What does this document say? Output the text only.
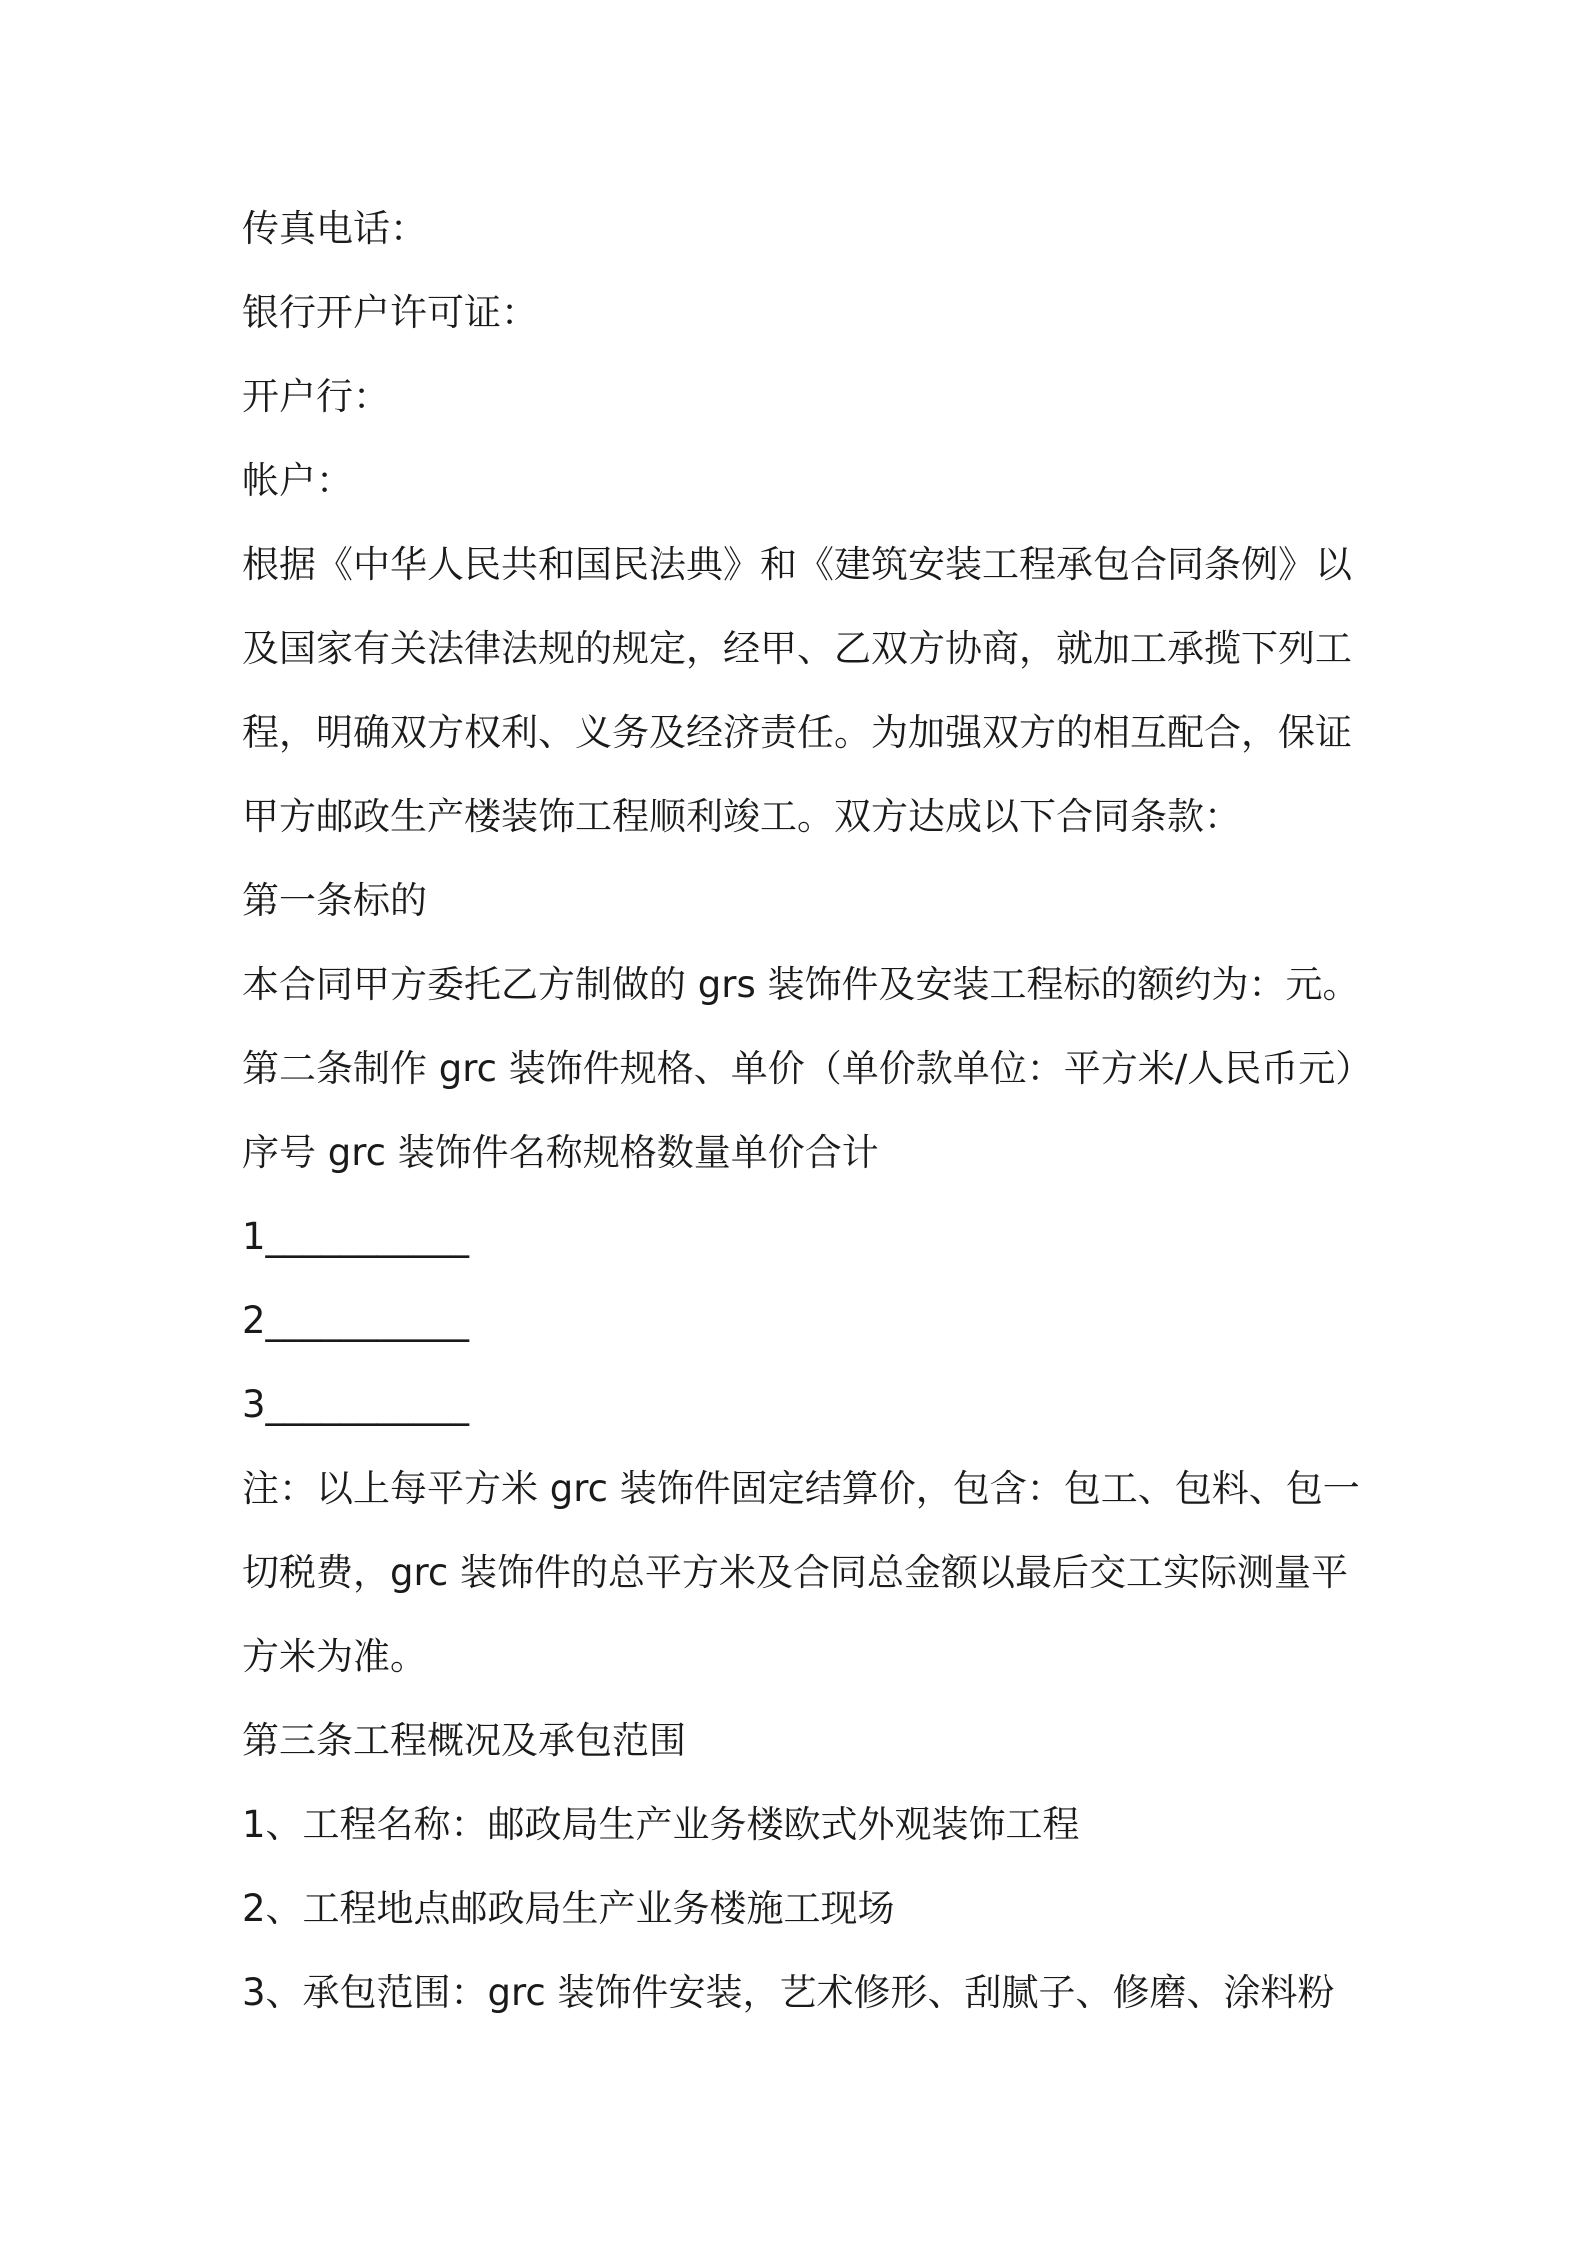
传真电话：
银行开户许可证：
开户行：
帐户：
根据《中华人民共和国民法典》和《建筑安装工程承包合同条例》以
及国家有关法律法规的规定，经甲、乙双方协商，就加工承揽下列工
程，明确双方权利、义务及经济责任。为加强双方的相互配合，保证
甲方邮政生产楼装饰工程顺利竣工。双方达成以下合同条款：
第一条标的
本合同甲方委托乙方制做的 grs 装饰件及安装工程标的额约为：元。
第二条制作 grc 装饰件规格、单价（单价款单位：平方米/人民币元）
序号 grc 装饰件名称规格数量单价合计
1___________
2___________
3___________
注：以上每平方米 grc 装饰件固定结算价，包含：包工、包料、包一
切税费，grc 装饰件的总平方米及合同总金额以最后交工实际测量平
方米为准。
第三条工程概况及承包范围
1、工程名称：邮政局生产业务楼欧式外观装饰工程
2、工程地点邮政局生产业务楼施工现场
3、承包范围：grc 装饰件安装，艺术修形、刮腻子、修磨、涂料粉
